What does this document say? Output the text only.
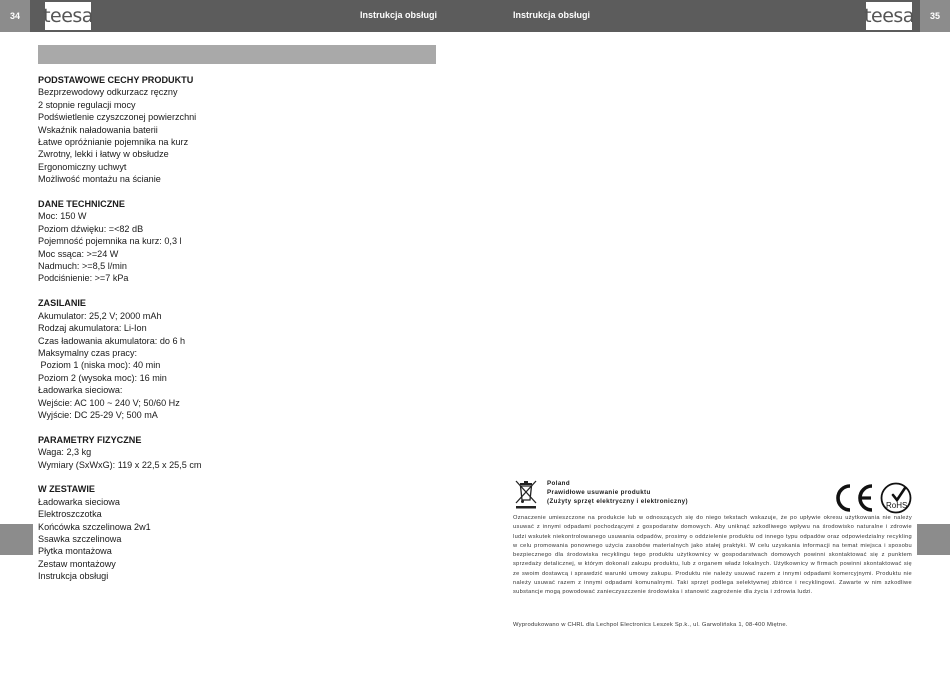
34	teesa	Instrukcja obsługi	Instrukcja obsługi	teesa	35
PODSTAWOWE CECHY PRODUKTU
Bezprzewodowy odkurzacz ręczny
2 stopnie regulacji mocy
Podświetlenie czyszczonej powierzchni
Wskaźnik naładowania baterii
Łatwe opróżnianie pojemnika na kurz
Zwrotny, lekki i łatwy w obsłudze
Ergonomiczny uchwyt
Możliwość montażu na ścianie
DANE TECHNICZNE
Moc: 150 W
Poziom dźwięku: =<82 dB
Pojemność pojemnika na kurz: 0,3 l
Moc ssąca: >=24 W
Nadmuch: >=8,5 l/min
Podciśnienie: >=7 kPa
ZASILANIE
Akumulator: 25,2 V; 2000 mAh
Rodzaj akumulatora: Li-Ion
Czas ładowania akumulatora: do 6 h
Maksymalny czas pracy:
Poziom 1 (niska moc): 40 min
Poziom 2 (wysoka moc): 16 min
Ładowarka sieciowa:
Wejście: AC 100 ~ 240 V; 50/60 Hz
Wyjście: DC 25-29 V; 500 mA
PARAMETRY FIZYCZNE
Waga: 2,3 kg
Wymiary (SxWxG): 119 x 22,5 x 25,5 cm
W ZESTAWIE
Ładowarka sieciowa
Elektroszczotka
Końcówka szczelinowa 2w1
Ssawka szczelinowa
Płytka montażowa
Zestaw montażowy
Instrukcja obsługi
Poland
Prawidłowe usuwanie produktu
(Zużyty sprzęt elektryczny i elektroniczny)	RoHS
Oznaczenie umieszczone na produkcie lub w odnoszących się do niego tekstach wskazuje, że po upływie okresu użytkowania nie należy usuwać z innymi odpadami pochodzącymi z gospodarstw domowych. Aby uniknąć szkodliwego wpływu na środowisko naturalne i zdrowie ludzi wskutek niekontrolowanego usuwania odpadów, prosimy o oddzielenie produktu od innego typu odpadów oraz odpowiedzialny recykling w celu promowania ponownego użycia zasobów materialnych jako stałej praktyki. W celu uzyskania informacji na temat miejsca i sposobu bezpiecznego dla środowiska recyklingu tego produktu użytkownicy w gospodarstwach domowych powinni skontaktować się z punktem sprzedaży detalicznej, w którym dokonali zakupu produktu, lub z organem władz lokalnych. Użytkownicy w firmach powinni skontaktować się ze swoim dostawcą i sprawdzić warunki umowy zakupu. Produktu nie należy usuwać razem z innymi odpadami komercyjnymi. Produktu nie należy usuwać razem z innymi odpadami komunalnymi. Taki sprzęt podlega selektywnej zbiórce i recyklingowi. Zawarte w nim szkodliwe substancje mogą powodować zanieczyszczenie środowiska i stanowić zagrożenie dla życia i zdrowia ludzi.
Wyprodukowano w CHRL dla Lechpol Electronics Leszek Sp.k., ul. Garwolińska 1, 08-400 Miętne.
